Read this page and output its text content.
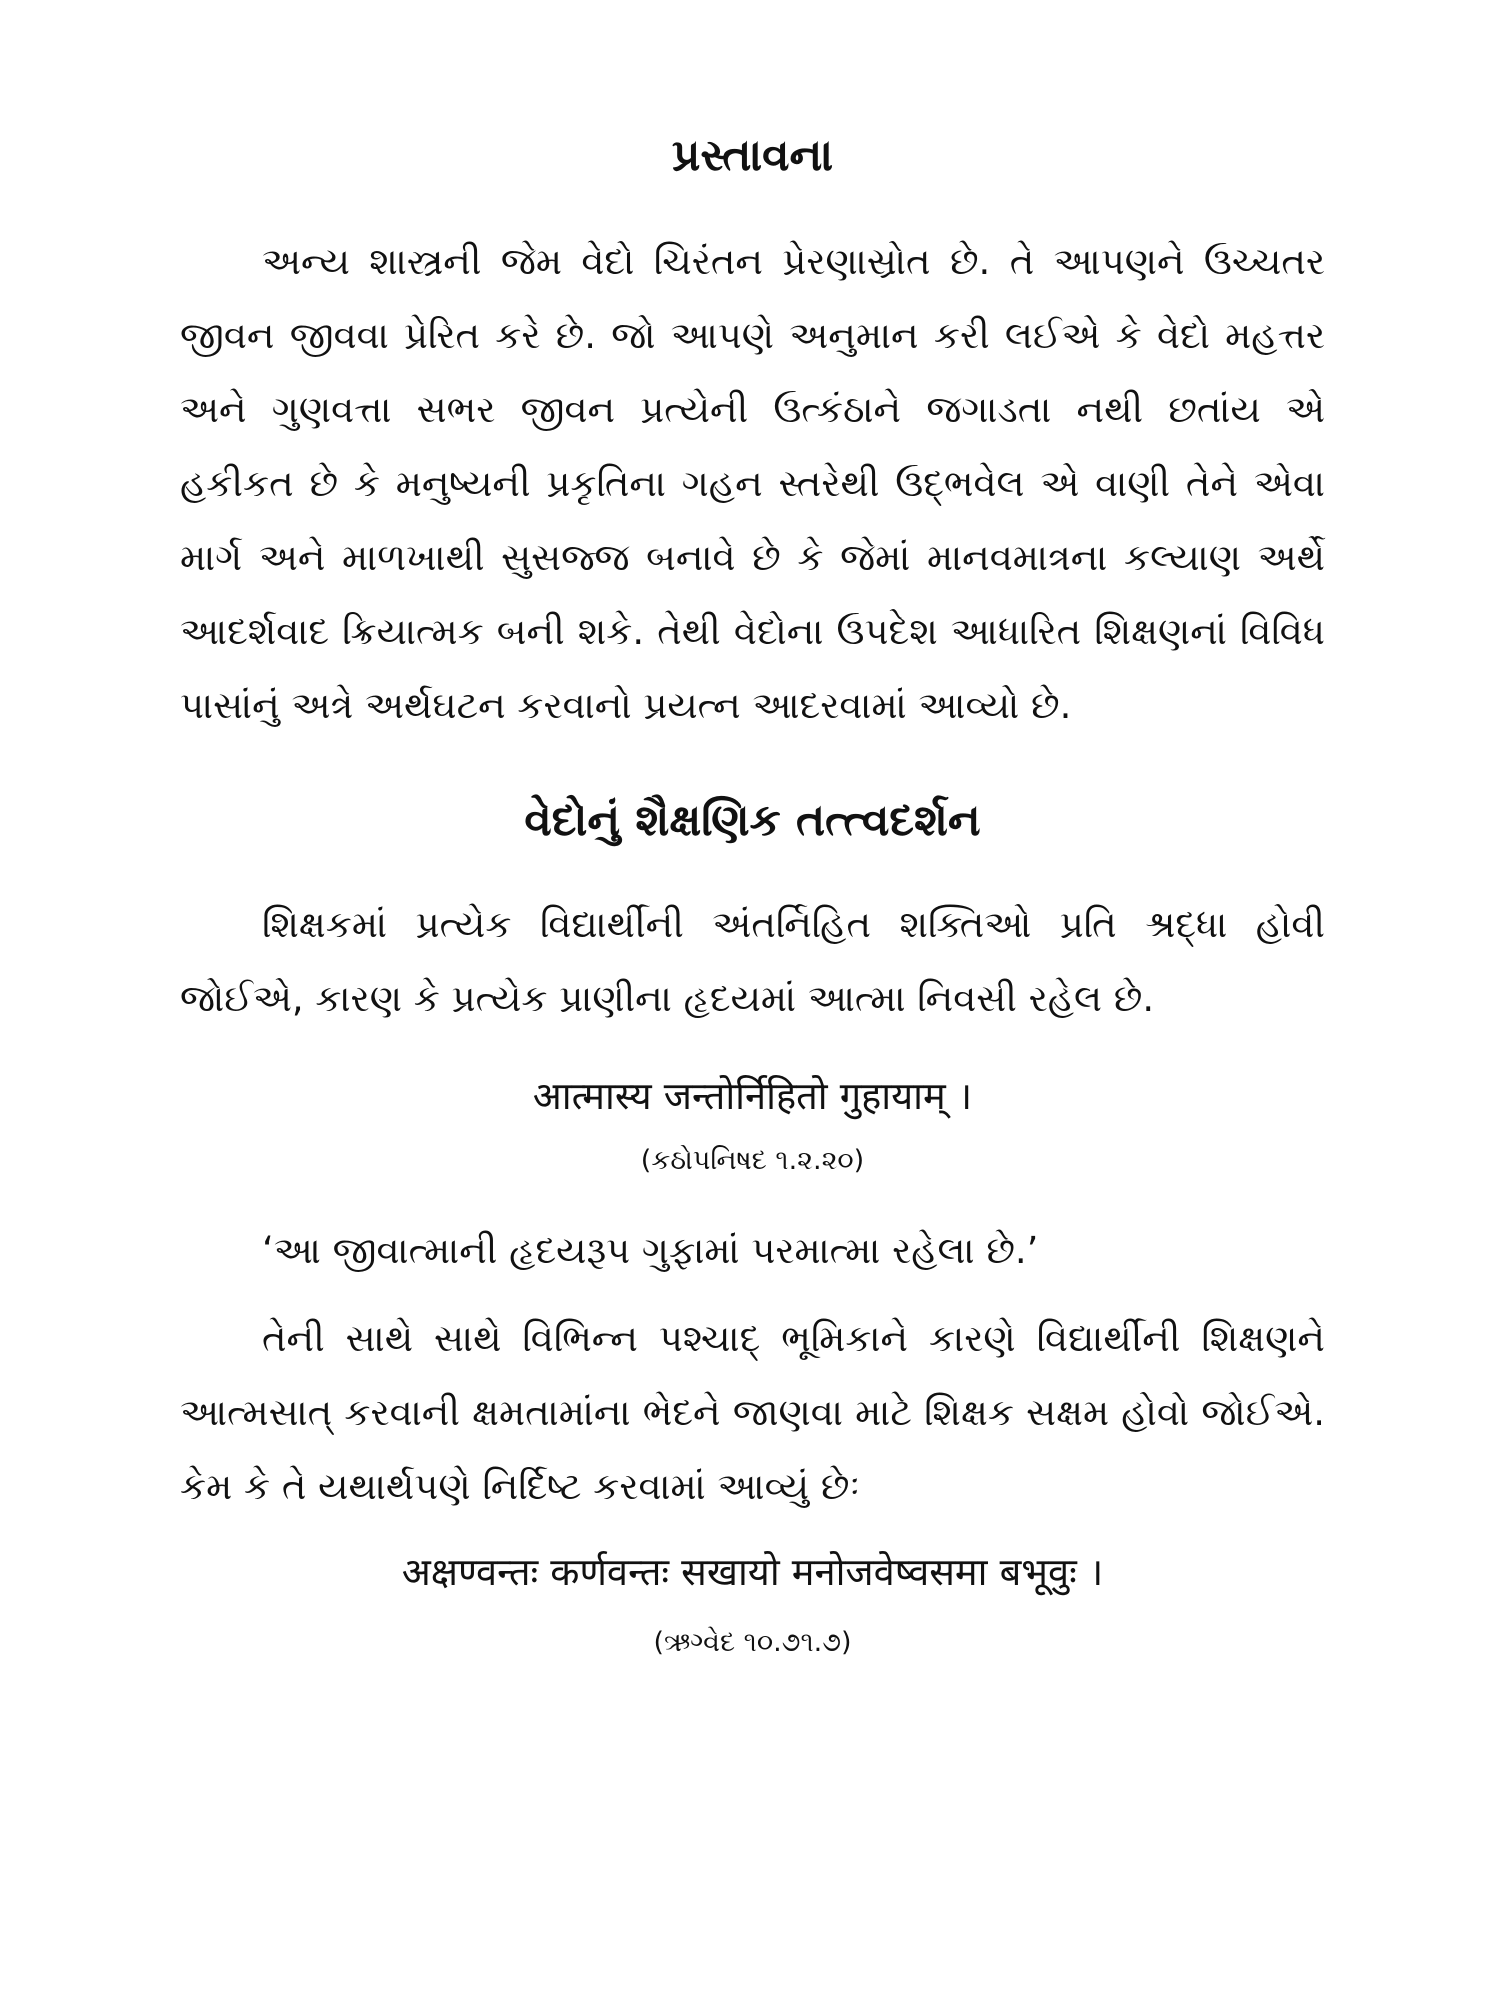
પ્રસ્તાવના

અન્ય શાસ્ત્રની જેમ વેદો ચિરંતન પ્રેરણાસ્રોત છે. તે આપણને ઉચ્ચતર જીવન જીવવા પ્રેરિત કરે છે. જો આપણે અનુમાન કરી લઈએ કે વેદો મહત્તર અને ગુણવત્તા સભર જીવન પ્રત્યેની ઉત્કંઠાને જગાડતા નથી છતાંય એ હકીકત છે કે મનુષ્યની પ્રકૃતિના ગહન સ્તરેથી ઉદ્ભવેલ એ વાણી તેને એવા માર્ગ અને માળખાથી સુસજ્જ બનાવે છે કે જેમાં માનવમાત્રના કલ્યાણ અર્થે આદર્શવાદ ક્રિયાત્મક બની શકે. તેથી વેદોના ઉપદેશ આધારિત શિક્ષણનાં વિવિધ પાસાંનું અત્રે અર્થઘટન કરવાનો પ્રયત્ન આદરવામાં આવ્યો છે.

વેદોનું શૈક્ષણિક તત્ત્વદર્શન

શિક્ષકમાં પ્રત્યેક વિદ્યાર્થીની અંતર્નિહિત શક્તિઓ પ્રતિ શ્રદ્ધા હોવી જોઈએ, કારણ કે પ્રત્યેક પ્રાણીના હૃદયમાં આત્મા નિવસી રહેલ છે.

आत्मास्य जन्तोर्निहितो गुहायाम् ।

(કઠોપનિષદ ૧.૨.૨૦)

‘આ જીવાત્માની હૃદયરૂપ ગુફામાં પરમાત્મા રહેલા છે.’

તેની સાથે સાથે વિભિન્ન પશ્ચાદ્ ભૂમિકાને કારણે વિદ્યાર્થીની શિક્ષણને આત્મસાત્ કરવાની ક્ષમતામાંના ભેદને જાણવા માટે શિક્ષક સક્ષમ હોવો જોઈએ. કેમ કે તે યથાર્થપણે નિર્દિષ્ટ કરવામાં આવ્યું છેઃ

अक्षण्वन्तः कर्णवन्तः सखायो मनोजवेष्वसमा बभूवुः ।

(ઋગ્વેદ ૧૦.૭૧.૭)
